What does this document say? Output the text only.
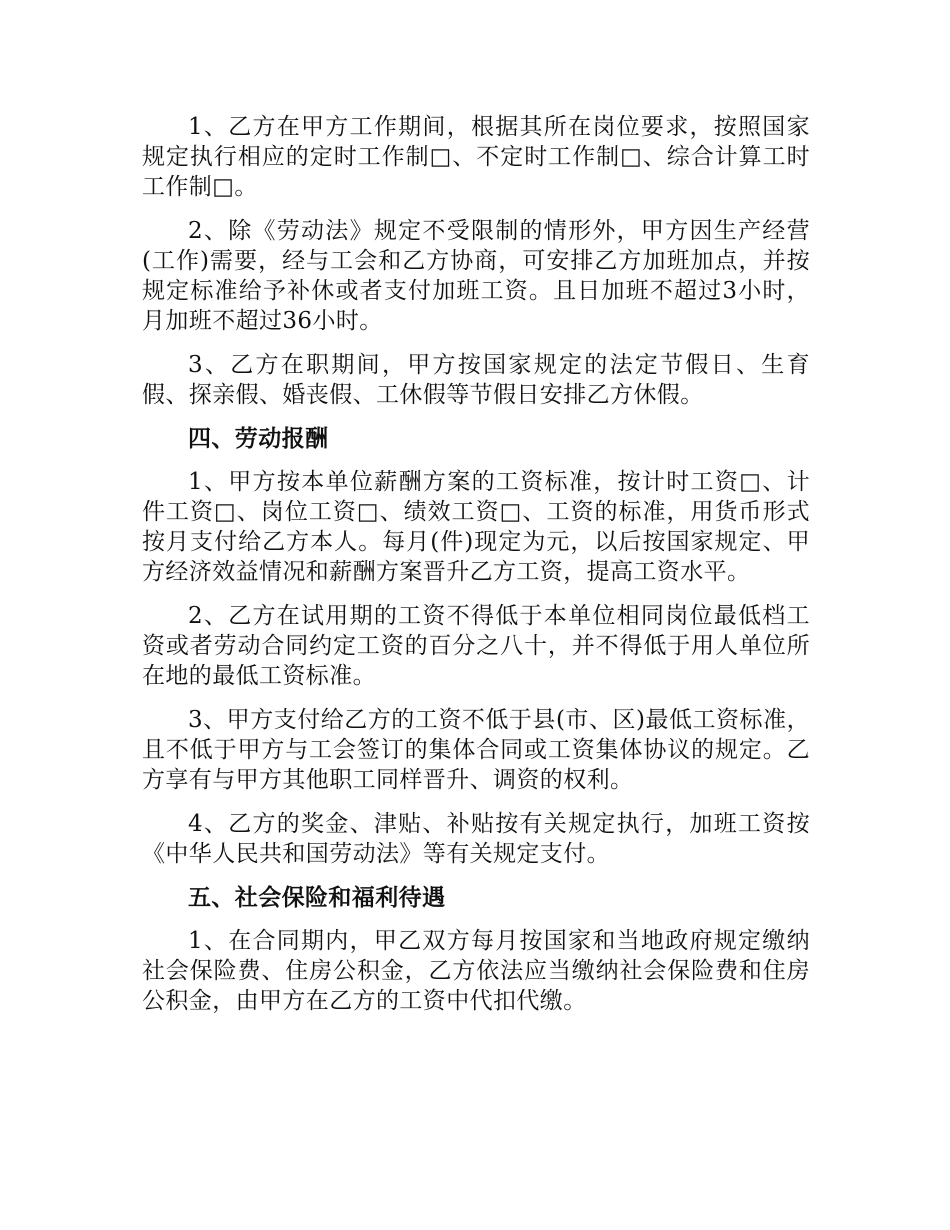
1、乙方在甲方工作期间，根据其所在岗位要求，按照国家规定执行相应的定时工作制□、不定时工作制□、综合计算工时工作制□。

2、除《劳动法》规定不受限制的情形外，甲方因生产经营(工作)需要，经与工会和乙方协商，可安排乙方加班加点，并按规定标准给予补休或者支付加班工资。且日加班不超过3小时，月加班不超过36小时。

3、乙方在职期间，甲方按国家规定的法定节假日、生育假、探亲假、婚丧假、工休假等节假日安排乙方休假。

四、劳动报酬

1、甲方按本单位薪酬方案的工资标准，按计时工资□、计件工资□、岗位工资□、绩效工资□、工资的标准，用货币形式按月支付给乙方本人。每月(件)现定为元，以后按国家规定、甲方经济效益情况和薪酬方案晋升乙方工资，提高工资水平。

2、乙方在试用期的工资不得低于本单位相同岗位最低档工资或者劳动合同约定工资的百分之八十，并不得低于用人单位所在地的最低工资标准。

3、甲方支付给乙方的工资不低于县(市、区)最低工资标准，且不低于甲方与工会签订的集体合同或工资集体协议的规定。乙方享有与甲方其他职工同样晋升、调资的权利。

4、乙方的奖金、津贴、补贴按有关规定执行，加班工资按《中华人民共和国劳动法》等有关规定支付。

五、社会保险和福利待遇

1、在合同期内，甲乙双方每月按国家和当地政府规定缴纳社会保险费、住房公积金，乙方依法应当缴纳社会保险费和住房公积金，由甲方在乙方的工资中代扣代缴。
